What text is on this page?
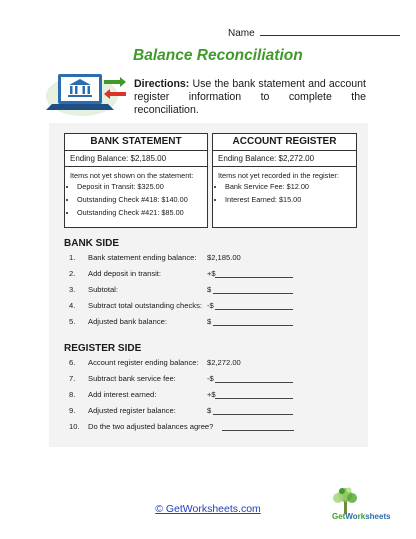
Name
Balance Reconciliation
Directions: Use the bank statement and account register information to complete the reconciliation.
BANK STATEMENT
Ending Balance: $2,185.00
Items not yet shown on the statement:
• Deposit in Transit: $325.00
• Outstanding Check #418: $140.00
• Outstanding Check #421: $85.00
ACCOUNT REGISTER
Ending Balance: $2,272.00
Items not yet recorded in the register:
• Bank Service Fee: $12.00
• Interest Earned: $15.00
BANK SIDE
1.	Bank statement ending balance: $2,185.00
2.	Add deposit in transit:	+$
3.	Subtotal:	$
4.	Subtract total outstanding checks: -$
5.	Adjusted bank balance:	$
REGISTER SIDE
6.	Account register ending balance: $2,272.00
7.	Subtract bank service fee:	-$
8.	Add interest earned:	+$
9.	Adjusted register balance:	$
10.	Do the two adjusted balances agree?
© GetWorksheets.com
GetWorksheets
